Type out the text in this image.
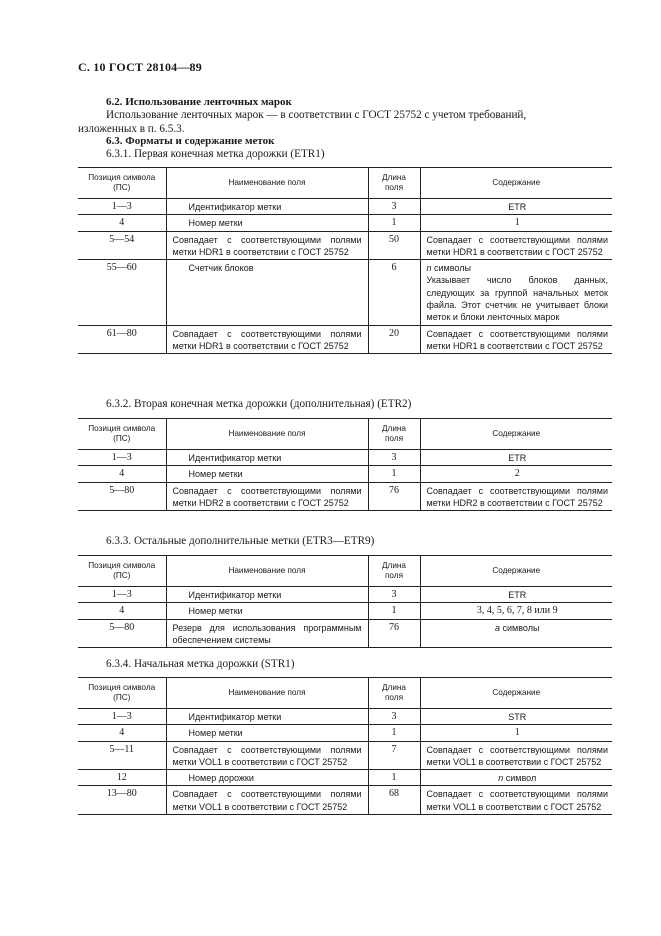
С. 10 ГОСТ 28104—89
6.2. Использование ленточных марок
Использование ленточных марок — в соответствии с ГОСТ 25752 с учетом требований, изложенных в п. 6.5.3.
6.3. Форматы и содержание меток
6.3.1. Первая конечная метка дорожки (ETR1)
Позиция символа (ПС)	Наименование поля	Длина поля	Содержание
1—3	Идентификатор метки	3	ETR
4	Номер метки	1	1
5—54	Совпадает с соответствующими полями метки HDR1 в соответствии с ГОСТ 25752	50	Совпадает с соответствующими полями метки HDR1 в соответствии с ГОСТ 25752
55—60	Счетчик блоков	6	n символы
Указывает число блоков данных, следующих за группой начальных меток файла. Этот счетчик не учитывает блоки меток и блоки ленточных марок
61—80	Совпадает с соответствующими полями метки HDR1 в соответствии с ГОСТ 25752	20	Совпадает с соответствующими полями метки HDR1 в соответствии с ГОСТ 25752
6.3.2. Вторая конечная метка дорожки (дополнительная) (ETR2)
Позиция символа (ПС)	Наименование поля	Длина поля	Содержание
1—3	Идентификатор метки	3	ETR
4	Номер метки	1	2
5—80	Совпадает с соответствующими полями метки HDR2 в соответствии с ГОСТ 25752	76	Совпадает с соответствующими полями метки HDR2 в соответствии с ГОСТ 25752
6.3.3. Остальные дополнительные метки (ETR3—ETR9)
Позиция символа (ПС)	Наименование поля	Длина поля	Содержание
1—3	Идентификатор метки	3	ETR
4	Номер метки	1	3, 4, 5, 6, 7, 8 или 9
5—80	Резерв для использования программным обеспечением системы	76	a символы
6.3.4. Начальная метка дорожки (STR1)
Позиция символа (ПС)	Наименование поля	Длина поля	Содержание
1—3	Идентификатор метки	3	STR
4	Номер метки	1	1
5—11	Совпадает с соответствующими полями метки VOL1 в соответствии с ГОСТ 25752	7	Совпадает с соответствующими полями метки VOL1 в соответствии с ГОСТ 25752
12	Номер дорожки	1	n символ
13—80	Совпадает с соответствующими полями метки VOL1 в соответствии с ГОСТ 25752	68	Совпадает с соответствующими полями метки VOL1 в соответствии с ГОСТ 25752
